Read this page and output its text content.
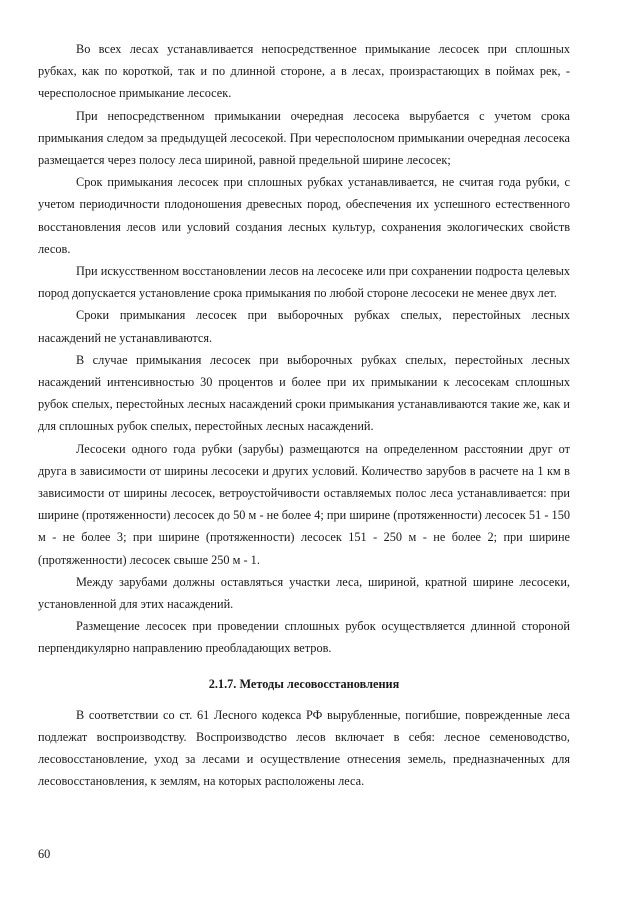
Во всех лесах устанавливается непосредственное примыкание лесосек при сплошных рубках, как по короткой, так и по длинной стороне, а в лесах, произрастающих в поймах рек, - чересполосное примыкание лесосек.

При непосредственном примыкании очередная лесосека вырубается с учетом срока примыкания следом за предыдущей лесосекой. При чересполосном примыкании очередная лесосека размещается через полосу леса шириной, равной предельной ширине лесосек;

Срок примыкания лесосек при сплошных рубках устанавливается, не считая года рубки, с учетом периодичности плодоношения древесных пород, обеспечения их успешного естественного восстановления лесов или условий создания лесных культур, сохранения экологических свойств лесов.

При искусственном восстановлении лесов на лесосеке или при сохранении подроста целевых пород допускается установление срока примыкания по любой стороне лесосеки не менее двух лет.

Сроки примыкания лесосек при выборочных рубках спелых, перестойных лесных насаждений не устанавливаются.

В случае примыкания лесосек при выборочных рубках спелых, перестойных лесных насаждений интенсивностью 30 процентов и более при их примыкании к лесосекам сплошных рубок спелых, перестойных лесных насаждений сроки примыкания устанавливаются такие же, как и для сплошных рубок спелых, перестойных лесных насаждений.

Лесосеки одного года рубки (зарубы) размещаются на определенном расстоянии друг от друга в зависимости от ширины лесосеки и других условий. Количество зарубов в расчете на 1 км в зависимости от ширины лесосек, ветроустойчивости оставляемых полос леса устанавливается: при ширине (протяженности) лесосек до 50 м - не более 4; при ширине (протяженности) лесосек 51 - 150 м - не более 3; при ширине (протяженности) лесосек 151 - 250 м - не более 2; при ширине (протяженности) лесосек свыше 250 м - 1.

Между зарубами должны оставляться участки леса, шириной, кратной ширине лесосеки, установленной для этих насаждений.

Размещение лесосек при проведении сплошных рубок осуществляется длинной стороной перпендикулярно направлению преобладающих ветров.

2.1.7. Методы лесовосстановления

В соответствии со ст. 61 Лесного кодекса РФ вырубленные, погибшие, поврежденные леса подлежат воспроизводству. Воспроизводство лесов включает в себя: лесное семеноводство, лесовосстановление, уход за лесами и осуществление отнесения земель, предназначенных для лесовосстановления, к землям, на которых расположены леса.

60
